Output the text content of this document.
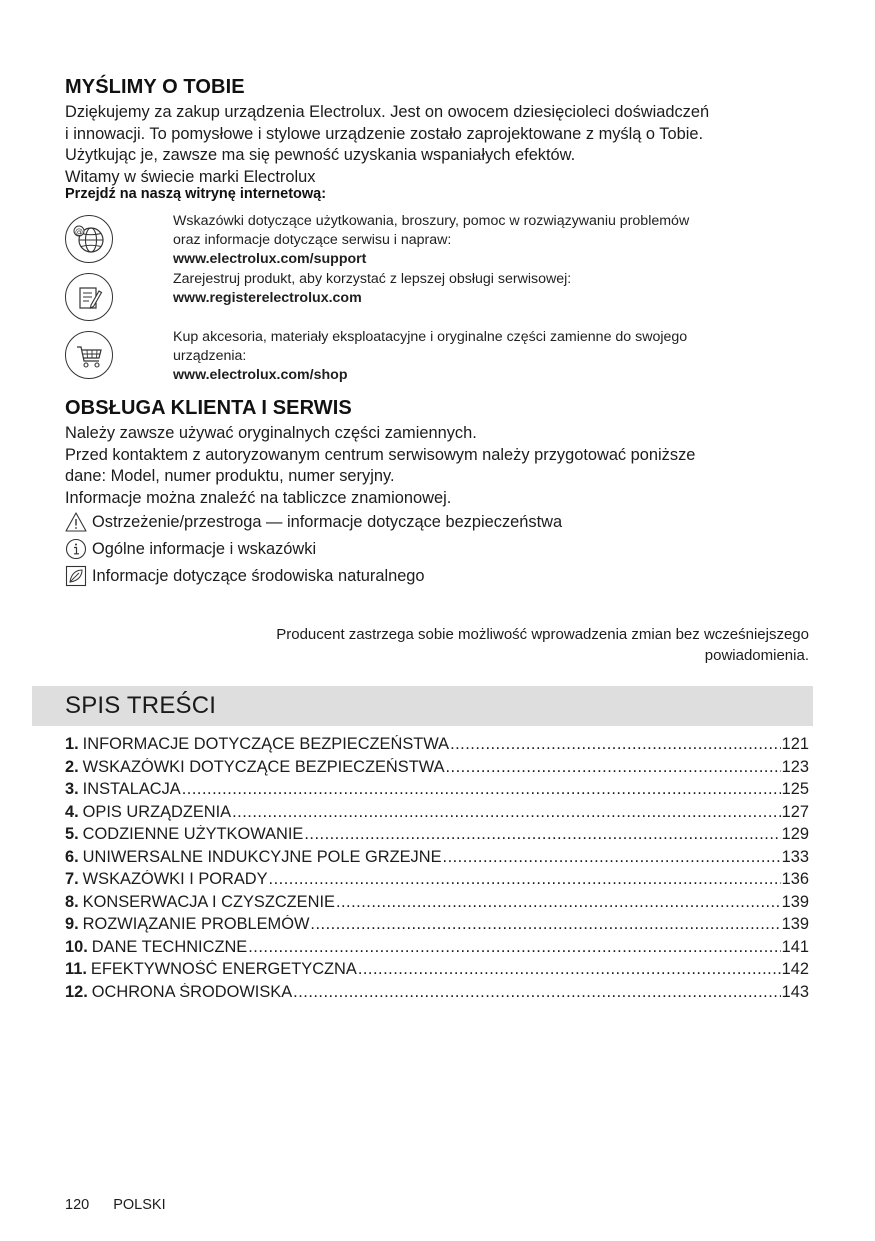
MYŚLIMY O TOBIE

Dziękujemy za zakup urządzenia Electrolux. Jest on owocem dziesięcioleci doświadczeń

i innowacji. To pomysłowe i stylowe urządzenie zostało zaprojektowane z myślą o Tobie.

Użytkując je, zawsze ma się pewność uzyskania wspaniałych efektów.

Witamy w świecie marki Electrolux

Przejdź na naszą witrynę internetową:
@

Wskazówki dotyczące użytkowania, broszury, pomoc w rozwiązywaniu problemów

oraz informacje dotyczące serwisu i napraw:

www.electrolux.com/support

Zarejestruj produkt, aby korzystać z lepszej obsługi serwisowej:

www.registerelectrolux.com

Kup akcesoria, materiały eksploatacyjne i oryginalne części zamienne do swojego

urządzenia:

www.electrolux.com/shop

OBSŁUGA KLIENTA I SERWIS

Należy zawsze używać oryginalnych części zamiennych.

Przed kontaktem z autoryzowanym centrum serwisowym należy przygotować poniższe

dane: Model, numer produktu, numer seryjny.

Informacje można znaleźć na tabliczce znamionowej.

Ostrzeżenie/przestroga — informacje dotyczące bezpieczeństwa
Ogólne informacje i wskazówki
Informacje dotyczące środowiska naturalnego

Producent zastrzega sobie możliwość wprowadzenia zmian bez wcześniejszego

powiadomienia.

SPIS TREŚCI
1. INFORMACJE DOTYCZĄCE BEZPIECZEŃSTWA .....	121
2. WSKAZÓWKI DOTYCZĄCE BEZPIECZEŃSTWA .....	123
3. INSTALACJA .....	125
4. OPIS URZĄDZENIA .....	127
5. CODZIENNE UŻYTKOWANIE .....	129
6. UNIWERSALNE INDUKCYJNE POLE GRZEJNE .....	133
7. WSKAZÓWKI I PORADY .....	136
8. KONSERWACJA I CZYSZCZENIE .....	139
9. ROZWIĄZANIE PROBLEMÓW .....	139
10. DANE TECHNICZNE .....	141
11. EFEKTYWNOŚĆ ENERGETYCZNA .....	142
12. OCHRONA ŚRODOWISKA .....	143
120 POLSKI
